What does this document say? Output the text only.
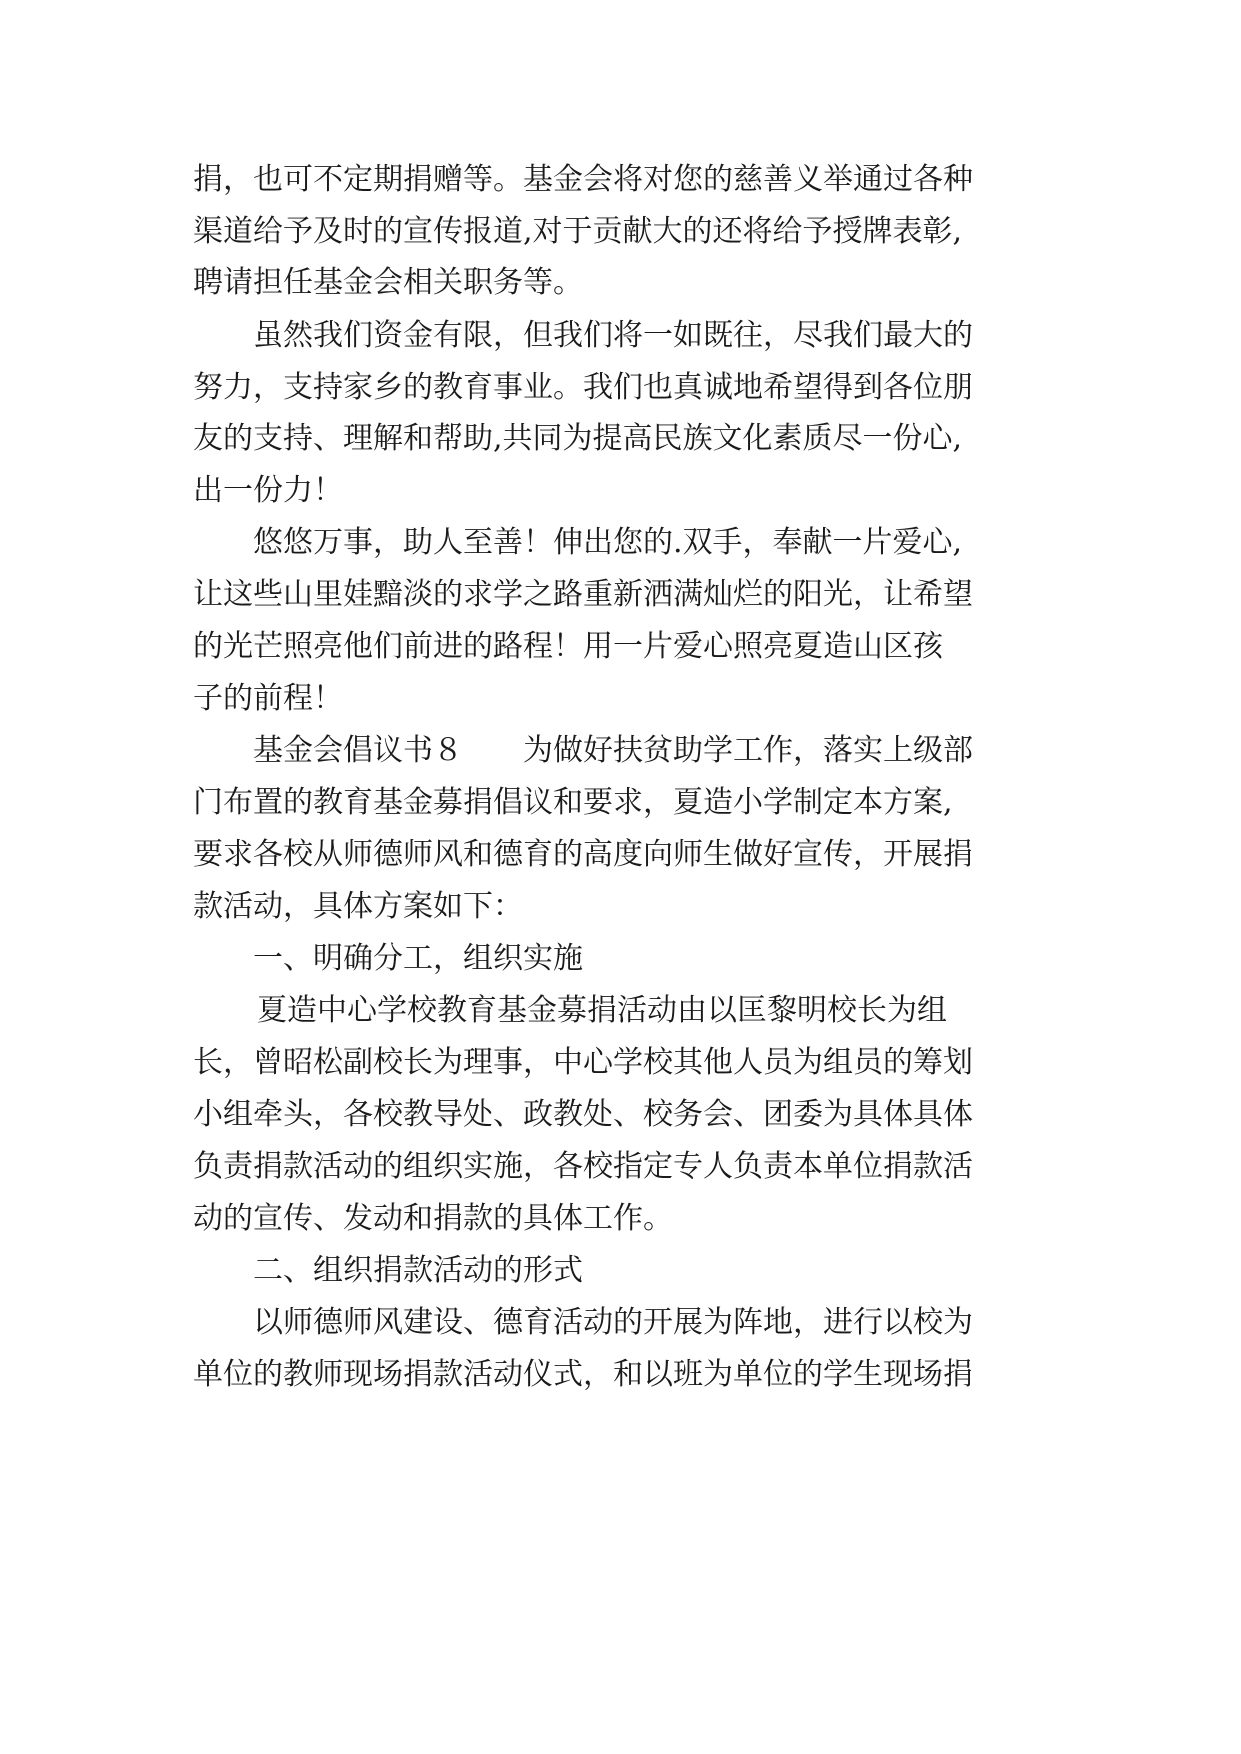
捐，也可不定期捐赠等。基金会将对您的慈善义举通过各种
渠道给予及时的宣传报道,对于贡献大的还将给予授牌表彰,
聘请担任基金会相关职务等。
虽然我们资金有限，但我们将一如既往，尽我们最大的
努力，支持家乡的教育事业。我们也真诚地希望得到各位朋
友的支持、理解和帮助,共同为提高民族文化素质尽一份心,
出一份力！
悠悠万事，助人至善！伸出您的.双手，奉献一片爱心,
让这些山里娃黯淡的求学之路重新洒满灿烂的阳光，让希望
的光芒照亮他们前进的路程！用一片爱心照亮夏造山区孩
子的前程！
基金会倡议书８　　为做好扶贫助学工作，落实上级部
门布置的教育基金募捐倡议和要求，夏造小学制定本方案,
要求各校从师德师风和德育的高度向师生做好宣传，开展捐
款活动，具体方案如下：
一、明确分工，组织实施
夏造中心学校教育基金募捐活动由以匡黎明校长为组
长，曾昭松副校长为理事，中心学校其他人员为组员的筹划
小组牵头，各校教导处、政教处、校务会、团委为具体具体
负责捐款活动的组织实施，各校指定专人负责本单位捐款活
动的宣传、发动和捐款的具体工作。
二、组织捐款活动的形式
以师德师风建设、德育活动的开展为阵地，进行以校为
单位的教师现场捐款活动仪式，和以班为单位的学生现场捐
